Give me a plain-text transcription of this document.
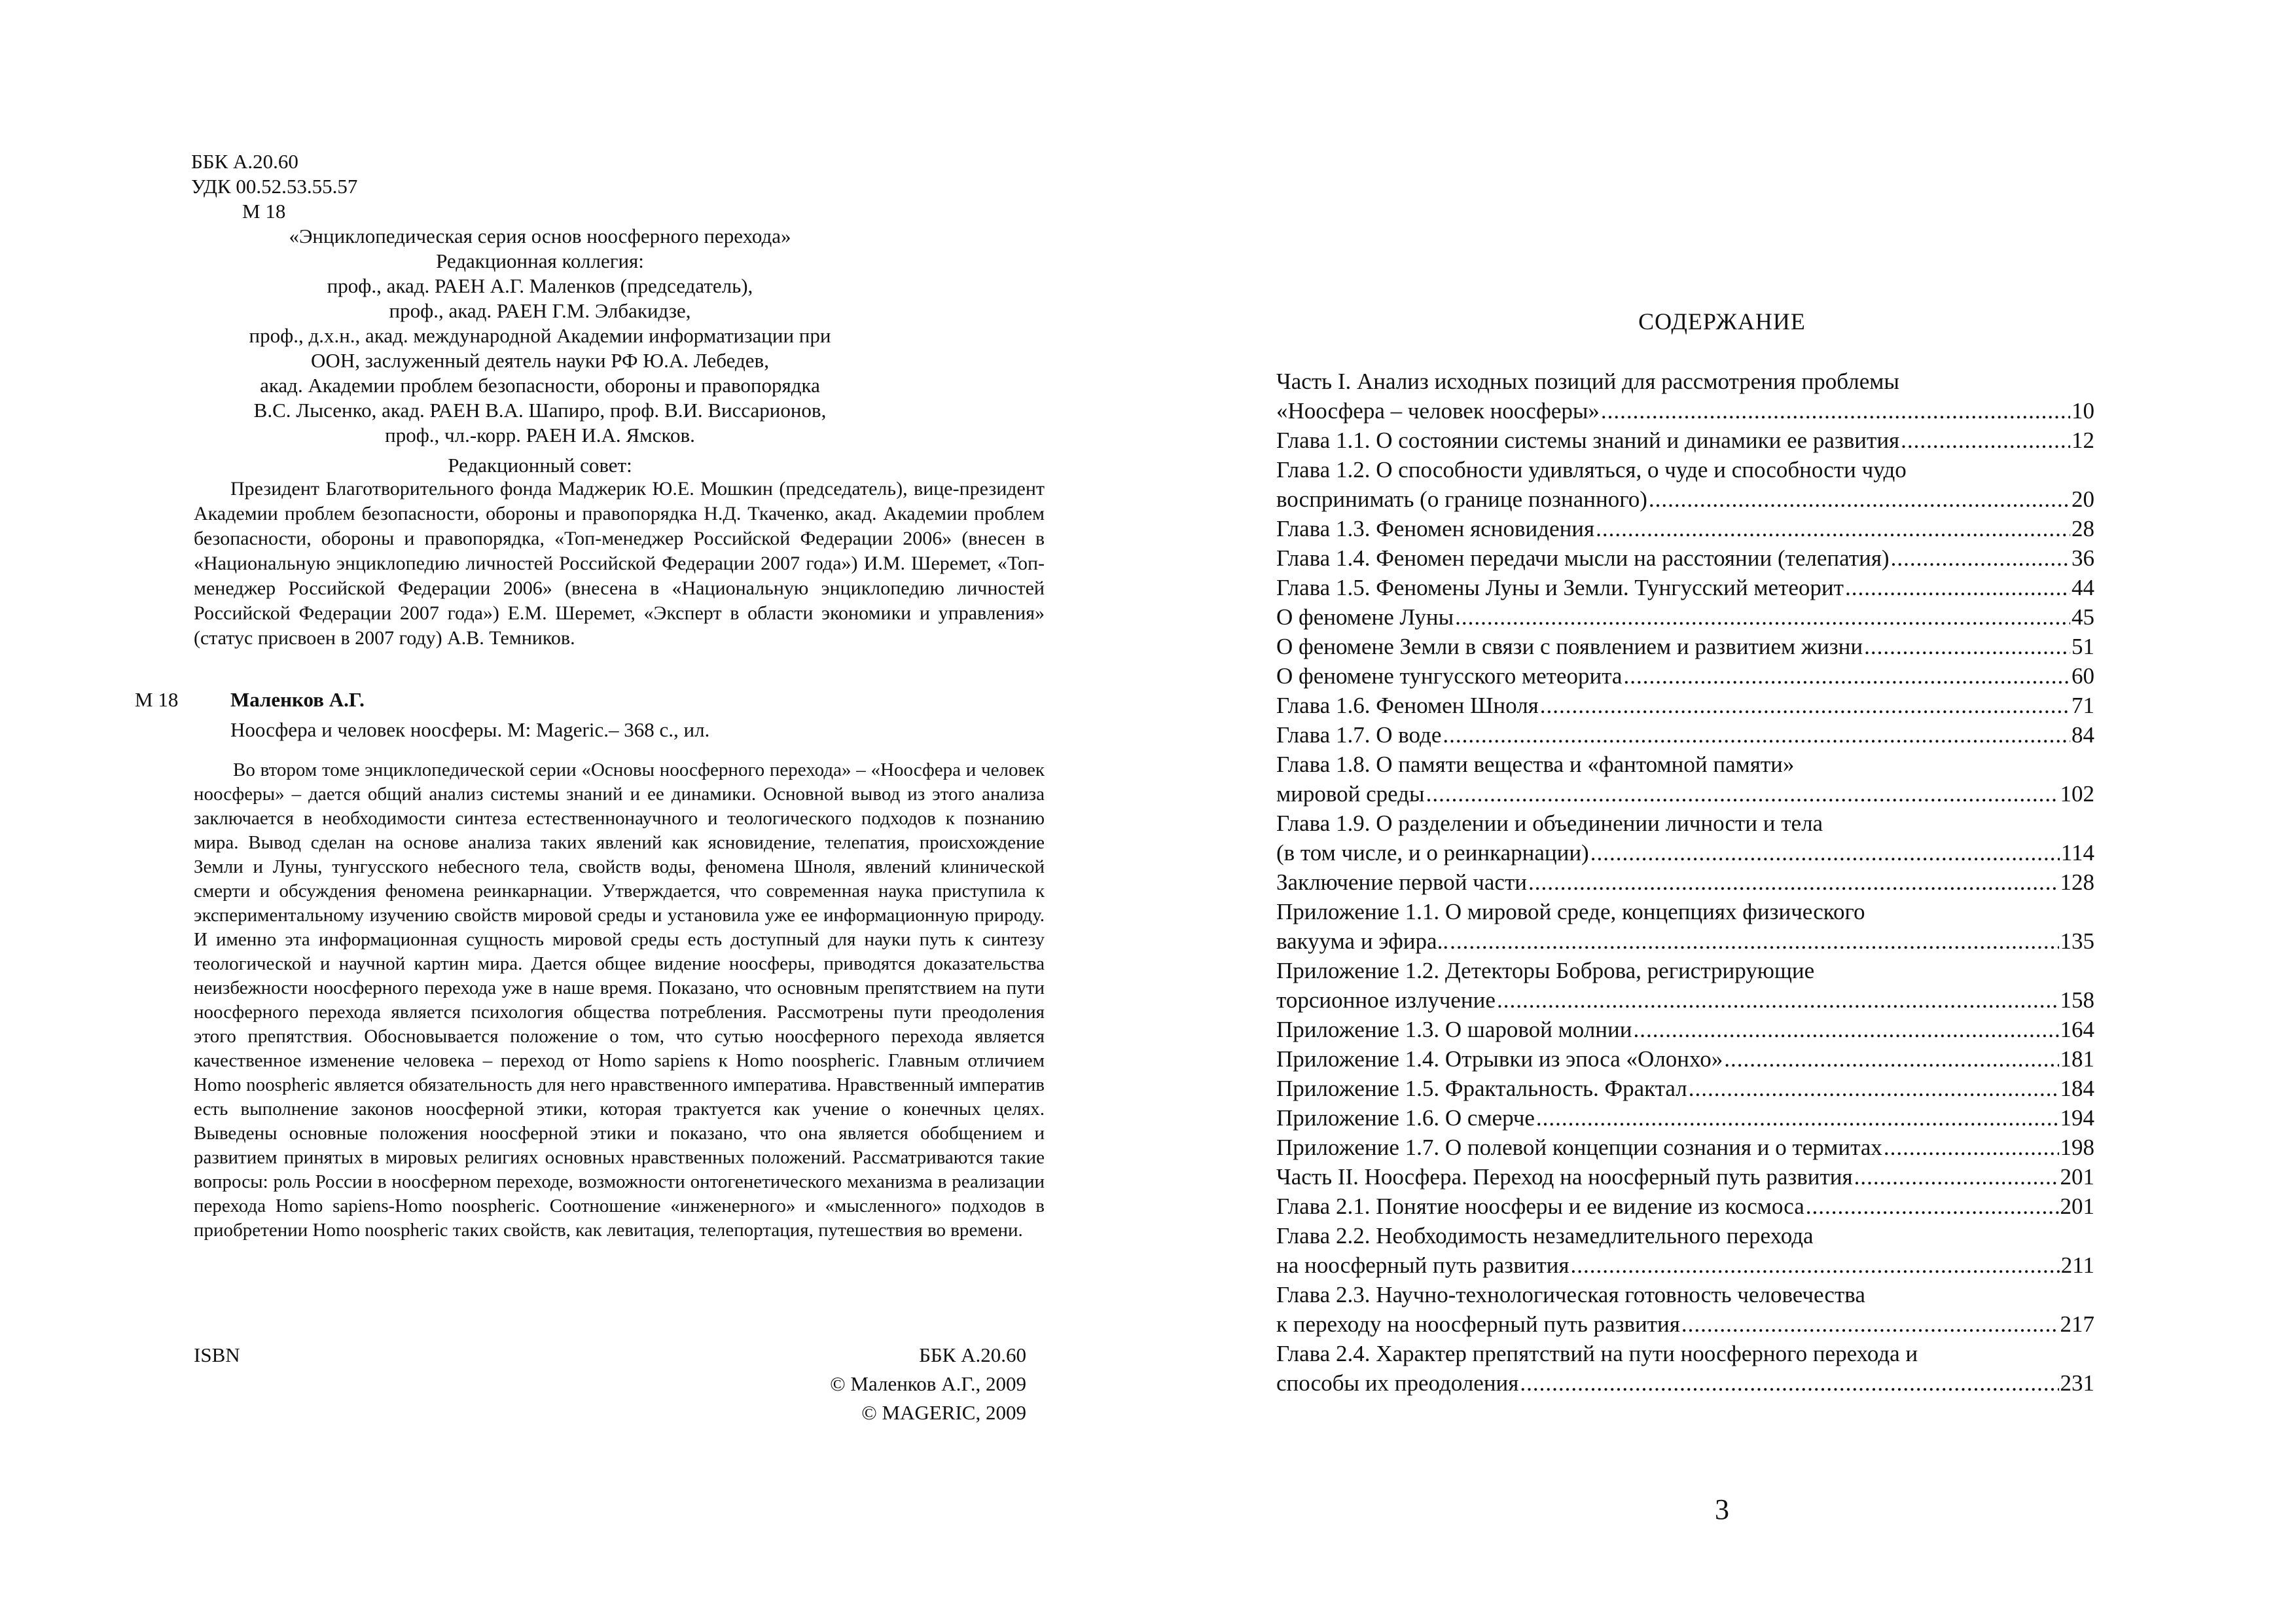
ББК А.20.60
УДК 00.52.53.55.57
М 18
«Энциклопедическая серия основ ноосферного перехода»
Редакционная коллегия:
проф., акад. РАЕН А.Г. Маленков (председатель),
проф., акад. РАЕН Г.М. Элбакидзе,
проф., д.х.н., акад. международной Академии информатизации при
ООН, заслуженный деятель науки РФ Ю.А. Лебедев,
акад. Академии проблем безопасности, обороны и правопорядка
В.С. Лысенко, акад. РАЕН В.А. Шапиро, проф. В.И. Виссарионов,
проф., чл.-корр. РАЕН И.А. Ямсков.
Редакционный совет:
Президент Благотворительного фонда Маджерик Ю.Е. Мошкин (председатель), вице-президент Академии проблем безопасности, обороны и правопорядка Н.Д. Ткаченко, акад. Академии проблем безопасности, обороны и правопорядка, «Топ-менеджер Российской Федерации 2006» (внесен в «Национальную энциклопедию личностей Российской Федерации 2007 года») И.М. Шеремет, «Топ-менеджер Российской Федерации 2006» (внесена в «Национальную энциклопедию личностей Российской Федерации 2007 года») Е.М. Шеремет, «Эксперт в области экономики и управления» (статус присвоен в 2007 году) А.В. Темников.
М 18	Маленков А.Г.
Ноосфера и человек ноосферы. М: Mageric.– 368 с., ил.
Во втором томе энциклопедической серии «Основы ноосферного перехода» – «Ноосфера и человек ноосферы» – дается общий анализ системы знаний и ее динамики. Основной вывод из этого анализа заключается в необходимости синтеза естественнонаучного и теологического подходов к познанию мира. Вывод сделан на основе анализа таких явлений как ясновидение, телепатия, происхождение Земли и Луны, тунгусского небесного тела, свойств воды, феномена Шноля, явлений клинической смерти и обсуждения феномена реинкарнации. Утверждается, что современная наука приступила к экспериментальному изучению свойств мировой среды и установила уже ее информационную природу. И именно эта информационная сущность мировой среды есть доступный для науки путь к синтезу теологической и научной картин мира. Дается общее видение ноосферы, приводятся доказательства неизбежности ноосферного перехода уже в наше время. Показано, что основным препятствием на пути ноосферного перехода является психология общества потребления. Рассмотрены пути преодоления этого препятствия. Обосновывается положение о том, что сутью ноосферного перехода является качественное изменение человека – переход от Homo sapiens к Homo noospheric. Главным отличием Homo noospheric является обязательность для него нравственного императива. Нравственный императив есть выполнение законов ноосферной этики, которая трактуется как учение о конечных целях. Выведены основные положения ноосферной этики и показано, что она является обобщением и развитием принятых в мировых религиях основных нравственных положений. Рассматриваются такие вопросы: роль России в ноосферном переходе, возможности онтогенетического механизма в реализации перехода Homo sapiens-Homo noospheric. Соотношение «инженерного» и «мысленного» подходов в приобретении Homo noospheric таких свойств, как левитация, телепортация, путешествия во времени.
ISBN	ББК А.20.60
© Маленков А.Г., 2009
© MAGERIC, 2009
СОДЕРЖАНИЕ
Часть I. Анализ исходных позиций для рассмотрения проблемы
«Ноосфера – человек ноосферы» .....	10
Глава 1.1. О состоянии системы знаний и динамики ее развития .....	12
Глава 1.2. О способности удивляться, о чуде и способности чудо
воспринимать (о границе познанного) .....	20
Глава 1.3. Феномен ясновидения .....	28
Глава 1.4. Феномен передачи мысли на расстоянии (телепатия) .....	36
Глава 1.5. Феномены Луны и Земли. Тунгусский метеорит .....	44
О феномене Луны .....	45
О феномене Земли в связи с появлением и развитием жизни .....	51
О феномене тунгусского метеорита .....	60
Глава 1.6. Феномен Шноля .....	71
Глава 1.7. О воде .....	84
Глава 1.8. О памяти вещества и «фантомной памяти»
мировой среды .....	102
Глава 1.9. О разделении и объединении личности и тела
(в том числе, и о реинкарнации) .....	114
Заключение первой части .....	128
Приложение 1.1. О мировой среде, концепциях физического
вакуума и эфира.. .....	135
Приложение 1.2. Детекторы Боброва, регистрирующие
торсионное излучение .....	158
Приложение 1.3. О шаровой молнии .....	164
Приложение 1.4. Отрывки из эпоса «Олонхо» .....	181
Приложение 1.5. Фрактальность. Фрактал .....	184
Приложение 1.6. О смерче .....	194
Приложение 1.7. О полевой концепции сознания и о термитах .....	198
Часть II. Ноосфера. Переход на ноосферный путь развития .....	201
Глава 2.1. Понятие ноосферы и ее видение из космоса .....	201
Глава 2.2. Необходимость незамедлительного перехода
на ноосферный путь развития .....	211
Глава 2.3. Научно-технологическая готовность человечества
к переходу на ноосферный путь развития .....	217
Глава 2.4. Характер препятствий на пути ноосферного перехода и
способы их преодоления .....	231
3
